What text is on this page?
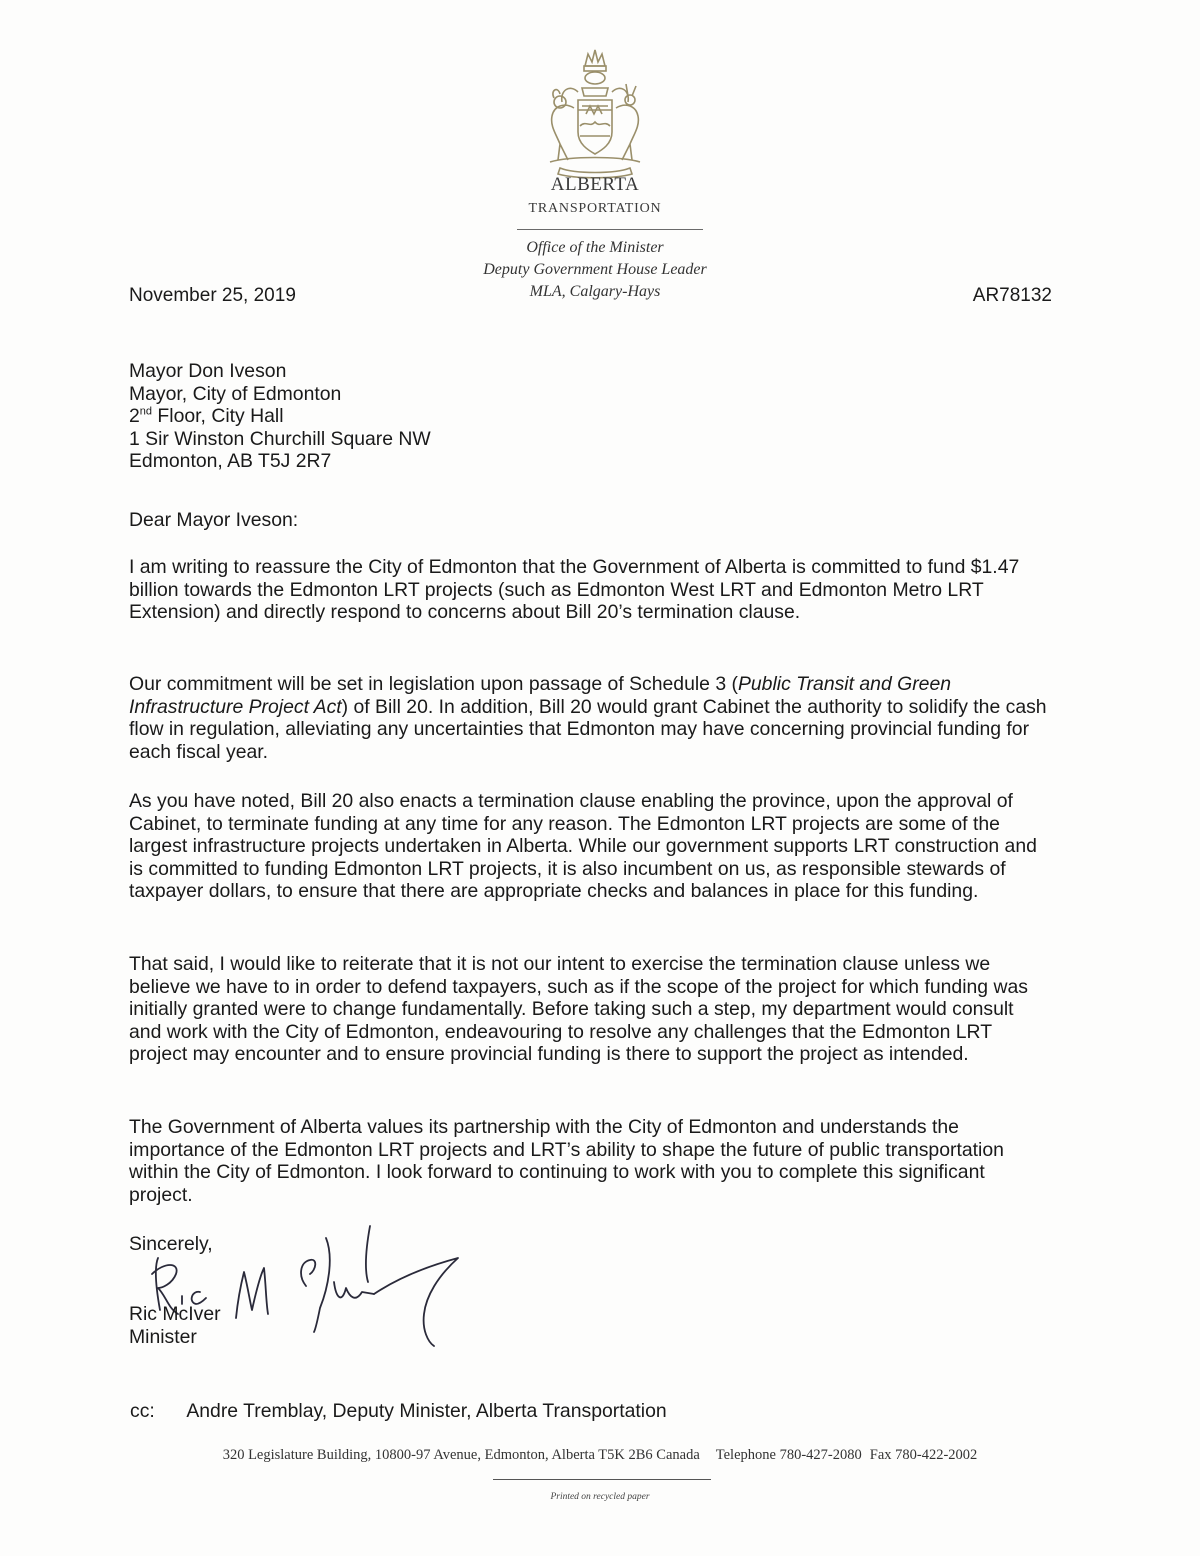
ALBERTA
TRANSPORTATION
Office of the Minister
Deputy Government House Leader
MLA, Calgary-Hays
November 25, 2019	AR78132
Mayor Don Iveson
Mayor, City of Edmonton
2nd Floor, City Hall
1 Sir Winston Churchill Square NW
Edmonton, AB T5J 2R7
Dear Mayor Iveson:
I am writing to reassure the City of Edmonton that the Government of Alberta is committed to fund $1.47 billion towards the Edmonton LRT projects (such as Edmonton West LRT and Edmonton Metro LRT Extension) and directly respond to concerns about Bill 20’s termination clause.
Our commitment will be set in legislation upon passage of Schedule 3 (Public Transit and Green Infrastructure Project Act) of Bill 20. In addition, Bill 20 would grant Cabinet the authority to solidify the cash flow in regulation, alleviating any uncertainties that Edmonton may have concerning provincial funding for each fiscal year.
As you have noted, Bill 20 also enacts a termination clause enabling the province, upon the approval of Cabinet, to terminate funding at any time for any reason. The Edmonton LRT projects are some of the largest infrastructure projects undertaken in Alberta. While our government supports LRT construction and is committed to funding Edmonton LRT projects, it is also incumbent on us, as responsible stewards of taxpayer dollars, to ensure that there are appropriate checks and balances in place for this funding.
That said, I would like to reiterate that it is not our intent to exercise the termination clause unless we believe we have to in order to defend taxpayers, such as if the scope of the project for which funding was initially granted were to change fundamentally. Before taking such a step, my department would consult and work with the City of Edmonton, endeavouring to resolve any challenges that the Edmonton LRT project may encounter and to ensure provincial funding is there to support the project as intended.
The Government of Alberta values its partnership with the City of Edmonton and understands the importance of the Edmonton LRT projects and LRT’s ability to shape the future of public transportation within the City of Edmonton. I look forward to continuing to work with you to complete this significant project.
Sincerely,
Ric McIver
Minister
cc: Andre Tremblay, Deputy Minister, Alberta Transportation
320 Legislature Building, 10800-97 Avenue, Edmonton, Alberta T5K 2B6 Canada Telephone 780-427-2080 Fax 780-422-2002
Printed on recycled paper
